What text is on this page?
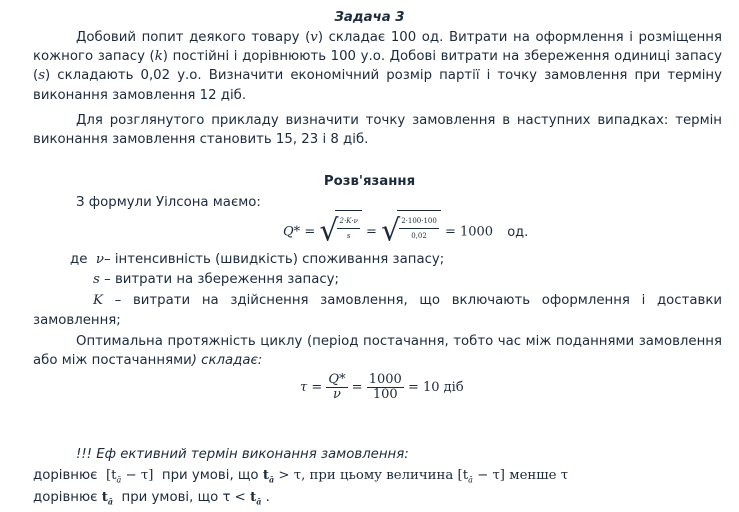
Задача 3
Добовий попит деякого товару (v) складає 100 од. Витрати на оформлення і розміщення
кожного запасу (k) постійні і дорівнюють 100 у.о. Добові витрати на збереження одиниці запасу
(s) складають 0,02 у.о. Визначити економічний розмір партії і точку замовлення при терміну
виконання замовлення 12 діб.
Для розглянутого прикладу визначити точку замовлення в наступних випадках: термін
виконання замовлення становить 15, 23 і 8 діб.
Розв'язання
З формули Уілсона маємо:
Q* = √ $\frac{2\cdot K\cdot\nu}{s}$ = √ $\frac{2\cdot 100\cdot 100}{0,02} = 1000$ од.
де ν– інтенсивність (швидкість) споживання запасу;
s – витрати на збереження запасу;
K – витрати на здійснення замовлення, що включають оформлення і доставки
замовлення;
Оптимальна протяжність циклу (період постачання, тобто час між поданнями замовлення
або між постачаннями) складає:
$\tau = \frac{Q*}{\nu} = \frac{1000}{100} = 10$ діб
!!! Еф ективний термін виконання замовлення:
дорівнює $[t_ā - \tau]$ при умові, що $t_ā > \tau$, при цьому величина $[t_ā - \tau]$ менше τ
дорівнює $t_ā$ при умові, що $\tau < t_ā$ .
